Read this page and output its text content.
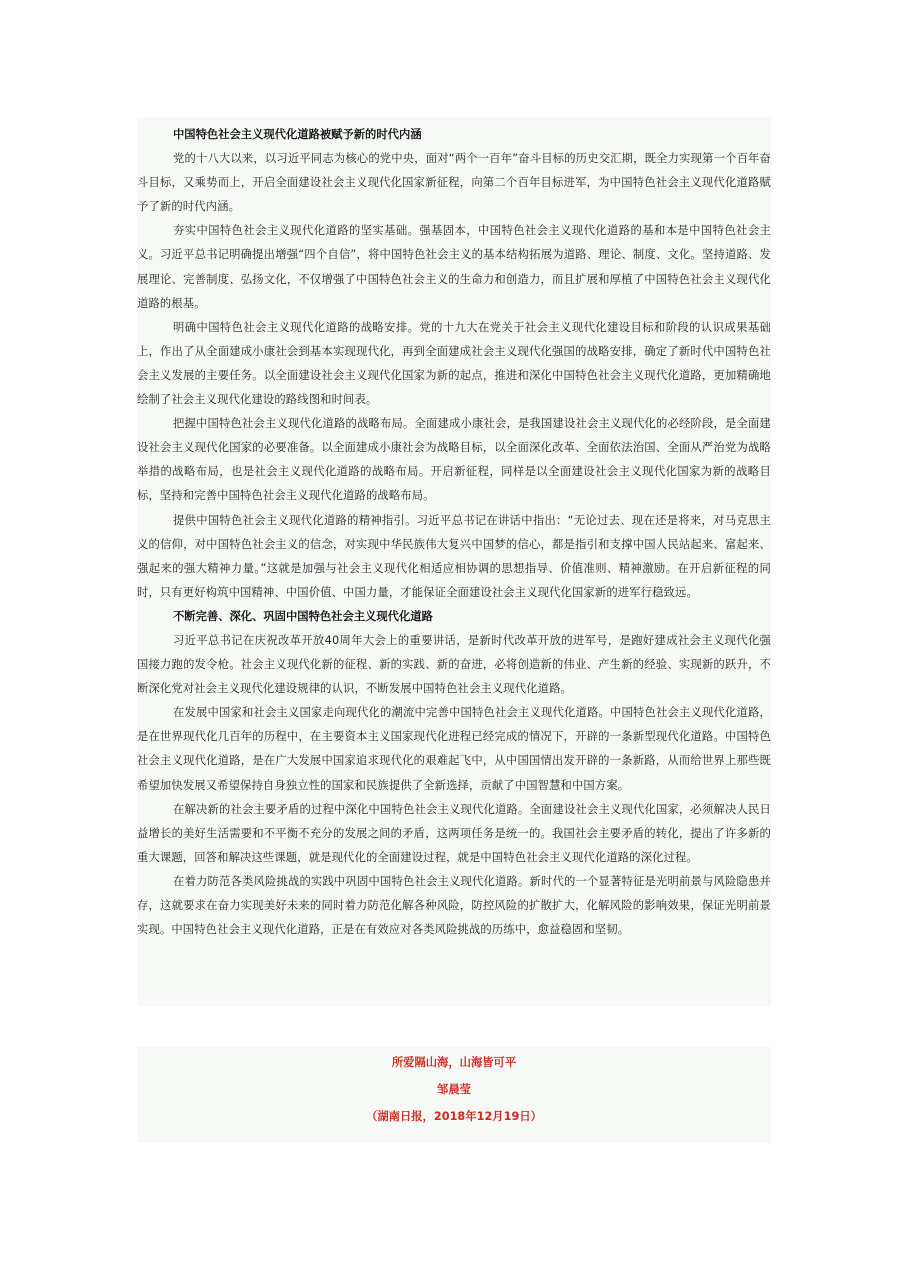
中国特色社会主义现代化道路被赋予新的时代内涵

党的十八大以来，以习近平同志为核心的党中央，面对“两个一百年”奋斗目标的历史交汇期，既全力实现第一个百年奋斗目标，又乘势而上，开启全面建设社会主义现代化国家新征程，向第二个百年目标进军，为中国特色社会主义现代化道路赋予了新的时代内涵。

夯实中国特色社会主义现代化道路的坚实基础。强基固本，中国特色社会主义现代化道路的基和本是中国特色社会主义。习近平总书记明确提出增强“四个自信”，将中国特色社会主义的基本结构拓展为道路、理论、制度、文化。坚持道路、发展理论、完善制度、弘扬文化，不仅增强了中国特色社会主义的生命力和创造力，而且扩展和厚植了中国特色社会主义现代化道路的根基。

明确中国特色社会主义现代化道路的战略安排。党的十九大在党关于社会主义现代化建设目标和阶段的认识成果基础上，作出了从全面建成小康社会到基本实现现代化，再到全面建成社会主义现代化强国的战略安排，确定了新时代中国特色社会主义发展的主要任务。以全面建设社会主义现代化国家为新的起点，推进和深化中国特色社会主义现代化道路，更加精确地绘制了社会主义现代化建设的路线图和时间表。

把握中国特色社会主义现代化道路的战略布局。全面建成小康社会，是我国建设社会主义现代化的必经阶段，是全面建设社会主义现代化国家的必要准备。以全面建成小康社会为战略目标，以全面深化改革、全面依法治国、全面从严治党为战略举措的战略布局，也是社会主义现代化道路的战略布局。开启新征程，同样是以全面建设社会主义现代化国家为新的战略目标，坚持和完善中国特色社会主义现代化道路的战略布局。

提供中国特色社会主义现代化道路的精神指引。习近平总书记在讲话中指出：“无论过去、现在还是将来，对马克思主义的信仰，对中国特色社会主义的信念，对实现中华民族伟大复兴中国梦的信心，都是指引和支撑中国人民站起来、富起来、强起来的强大精神力量。”这就是加强与社会主义现代化相适应相协调的思想指导、价值准则、精神激励。在开启新征程的同时，只有更好构筑中国精神、中国价值、中国力量，才能保证全面建设社会主义现代化国家新的进军行稳致远。

不断完善、深化、巩固中国特色社会主义现代化道路

习近平总书记在庆祝改革开放40周年大会上的重要讲话，是新时代改革开放的进军号，是跑好建成社会主义现代化强国接力跑的发令枪。社会主义现代化新的征程、新的实践、新的奋进，必将创造新的伟业、产生新的经验、实现新的跃升，不断深化党对社会主义现代化建设规律的认识，不断发展中国特色社会主义现代化道路。

在发展中国家和社会主义国家走向现代化的潮流中完善中国特色社会主义现代化道路。中国特色社会主义现代化道路，是在世界现代化几百年的历程中，在主要资本主义国家现代化进程已经完成的情况下，开辟的一条新型现代化道路。中国特色社会主义现代化道路，是在广大发展中国家追求现代化的艰难起飞中，从中国国情出发开辟的一条新路，从而给世界上那些既希望加快发展又希望保持自身独立性的国家和民族提供了全新选择，贡献了中国智慧和中国方案。

在解决新的社会主要矛盾的过程中深化中国特色社会主义现代化道路。全面建设社会主义现代化国家，必须解决人民日益增长的美好生活需要和不平衡不充分的发展之间的矛盾，这两项任务是统一的。我国社会主要矛盾的转化，提出了许多新的重大课题，回答和解决这些课题，就是现代化的全面建设过程，就是中国特色社会主义现代化道路的深化过程。

在着力防范各类风险挑战的实践中巩固中国特色社会主义现代化道路。新时代的一个显著特征是光明前景与风险隐患并存，这就要求在奋力实现美好未来的同时着力防范化解各种风险，防控风险的扩散扩大，化解风险的影响效果，保证光明前景实现。中国特色社会主义现代化道路，正是在有效应对各类风险挑战的历练中，愈益稳固和坚韧。

所爱隔山海，山海皆可平
邹晨莹
（湖南日报，2018年12月19日）
